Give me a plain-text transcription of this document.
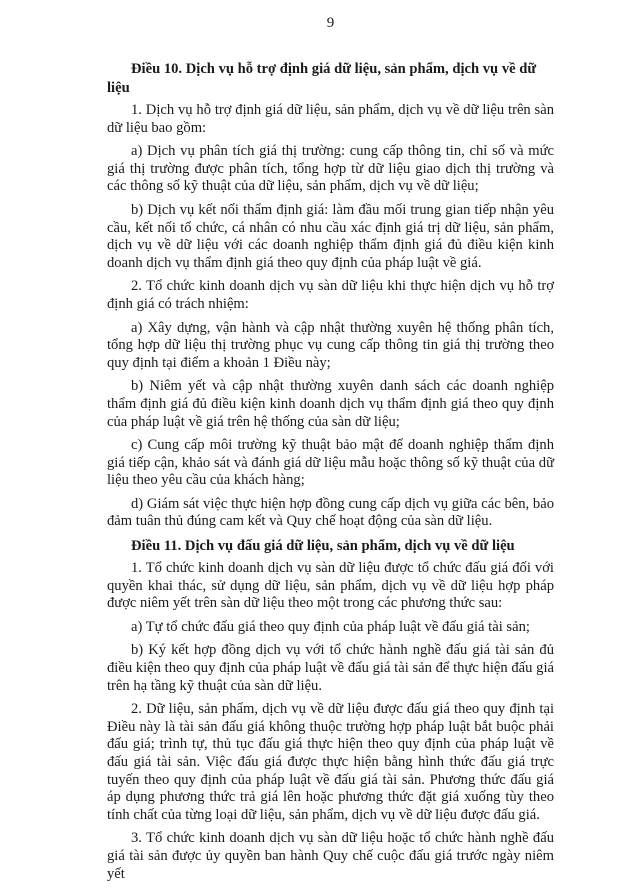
9
Điều 10. Dịch vụ hỗ trợ định giá dữ liệu, sản phẩm, dịch vụ về dữ liệu
1. Dịch vụ hỗ trợ định giá dữ liệu, sản phẩm, dịch vụ về dữ liệu trên sàn dữ liệu bao gồm:
a) Dịch vụ phân tích giá thị trường: cung cấp thông tin, chỉ số và mức giá thị trường được phân tích, tổng hợp từ dữ liệu giao dịch thị trường và các thông số kỹ thuật của dữ liệu, sản phẩm, dịch vụ về dữ liệu;
b) Dịch vụ kết nối thẩm định giá: làm đầu mối trung gian tiếp nhận yêu cầu, kết nối tổ chức, cá nhân có nhu cầu xác định giá trị dữ liệu, sản phẩm, dịch vụ về dữ liệu với các doanh nghiệp thẩm định giá đủ điều kiện kinh doanh dịch vụ thẩm định giá theo quy định của pháp luật về giá.
2. Tổ chức kinh doanh dịch vụ sàn dữ liệu khi thực hiện dịch vụ hỗ trợ định giá có trách nhiệm:
a) Xây dựng, vận hành và cập nhật thường xuyên hệ thống phân tích, tổng hợp dữ liệu thị trường phục vụ cung cấp thông tin giá thị trường theo quy định tại điểm a khoản 1 Điều này;
b) Niêm yết và cập nhật thường xuyên danh sách các doanh nghiệp thẩm định giá đủ điều kiện kinh doanh dịch vụ thẩm định giá theo quy định của pháp luật về giá trên hệ thống của sàn dữ liệu;
c) Cung cấp môi trường kỹ thuật bảo mật để doanh nghiệp thẩm định giá tiếp cận, khảo sát và đánh giá dữ liệu mẫu hoặc thông số kỹ thuật của dữ liệu theo yêu cầu của khách hàng;
d) Giám sát việc thực hiện hợp đồng cung cấp dịch vụ giữa các bên, bảo đảm tuân thủ đúng cam kết và Quy chế hoạt động của sàn dữ liệu.
Điều 11. Dịch vụ đấu giá dữ liệu, sản phẩm, dịch vụ về dữ liệu
1. Tổ chức kinh doanh dịch vụ sàn dữ liệu được tổ chức đấu giá đối với quyền khai thác, sử dụng dữ liệu, sản phẩm, dịch vụ về dữ liệu hợp pháp được niêm yết trên sàn dữ liệu theo một trong các phương thức sau:
a) Tự tổ chức đấu giá theo quy định của pháp luật về đấu giá tài sản;
b) Ký kết hợp đồng dịch vụ với tổ chức hành nghề đấu giá tài sản đủ điều kiện theo quy định của pháp luật về đấu giá tài sản để thực hiện đấu giá trên hạ tầng kỹ thuật của sàn dữ liệu.
2. Dữ liệu, sản phẩm, dịch vụ về dữ liệu được đấu giá theo quy định tại Điều này là tài sản đấu giá không thuộc trường hợp pháp luật bắt buộc phải đấu giá; trình tự, thủ tục đấu giá thực hiện theo quy định của pháp luật về đấu giá tài sản. Việc đấu giá được thực hiện bằng hình thức đấu giá trực tuyến theo quy định của pháp luật về đấu giá tài sản. Phương thức đấu giá áp dụng phương thức trả giá lên hoặc phương thức đặt giá xuống tùy theo tính chất của từng loại dữ liệu, sản phẩm, dịch vụ về dữ liệu được đấu giá.
3. Tổ chức kinh doanh dịch vụ sàn dữ liệu hoặc tổ chức hành nghề đấu giá tài sản được ủy quyền ban hành Quy chế cuộc đấu giá trước ngày niêm yết
